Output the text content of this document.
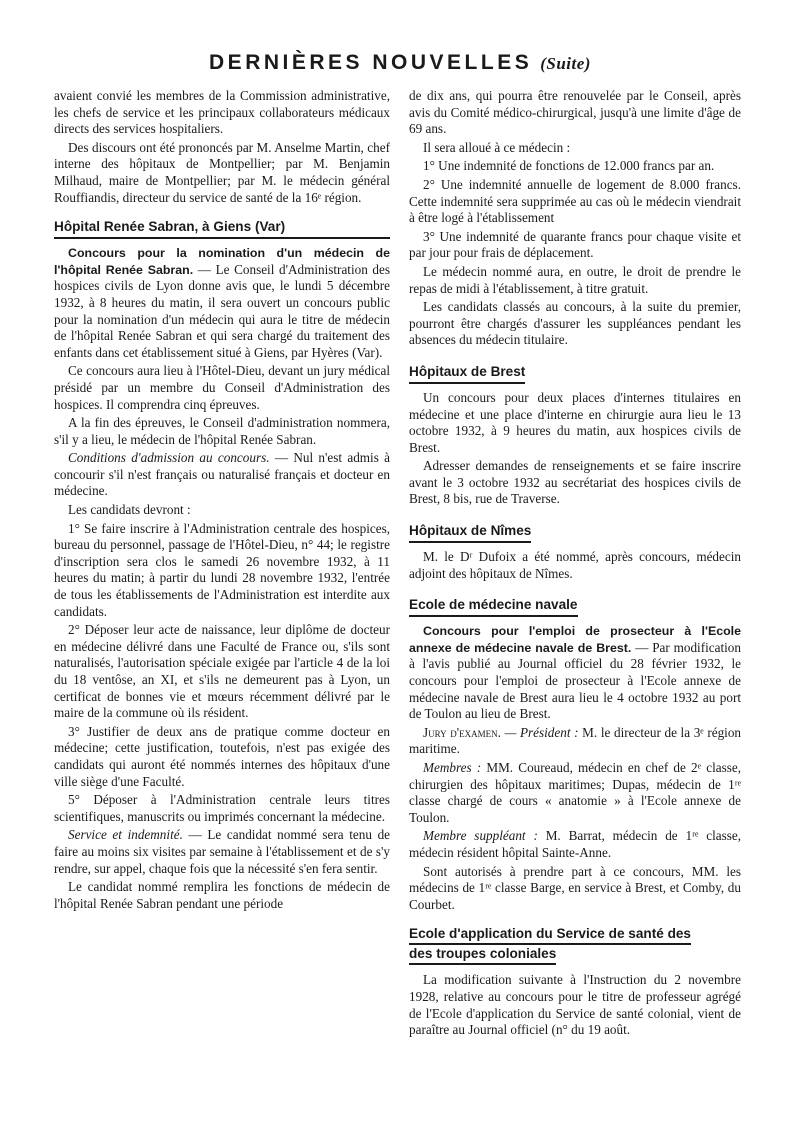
DERNIÈRES NOUVELLES (Suite)

avaient convié les membres de la Commission administrative, les chefs de service et les principaux collaborateurs médicaux directs des services hospitaliers.

Des discours ont été prononcés par M. Anselme Martin, chef interne des hôpitaux de Montpellier; par M. Benjamin Milhaud, maire de Montpellier; par M. le médecin général Rouffiandis, directeur du service de santé de la 16ᵉ région.

Hôpital Renée Sabran, à Giens (Var)

Concours pour la nomination d'un médecin de l'hôpital Renée Sabran. — Le Conseil d'Administration des hospices civils de Lyon donne avis que, le lundi 5 décembre 1932, à 8 heures du matin, il sera ouvert un concours public pour la nomination d'un médecin qui aura le titre de médecin de l'hôpital Renée Sabran et qui sera chargé du traitement des enfants dans cet établissement situé à Giens, par Hyères (Var).

Ce concours aura lieu à l'Hôtel-Dieu, devant un jury médical présidé par un membre du Conseil d'Administration des hospices. Il comprendra cinq épreuves.

A la fin des épreuves, le Conseil d'administration nommera, s'il y a lieu, le médecin de l'hôpital Renée Sabran.

Conditions d'admission au concours. — Nul n'est admis à concourir s'il n'est français ou naturalisé français et docteur en médecine.

Les candidats devront :

1° Se faire inscrire à l'Administration centrale des hospices, bureau du personnel, passage de l'Hôtel-Dieu, n° 44; le registre d'inscription sera clos le samedi 26 novembre 1932, à 11 heures du matin; à partir du lundi 28 novembre 1932, l'entrée de tous les établissements de l'Administration est interdite aux candidats.

2° Déposer leur acte de naissance, leur diplôme de docteur en médecine délivré dans une Faculté de France ou, s'ils sont naturalisés, l'autorisation spéciale exigée par l'article 4 de la loi du 18 ventôse, an XI, et s'ils ne demeurent pas à Lyon, un certificat de bonnes vie et mœurs récemment délivré par le maire de la commune où ils résident.

3° Justifier de deux ans de pratique comme docteur en médecine; cette justification, toutefois, n'est pas exigée des candidats qui auront été nommés internes des hôpitaux d'une ville siège d'une Faculté.

5° Déposer à l'Administration centrale leurs titres scientifiques, manuscrits ou imprimés concernant la médecine.

Service et indemnité. — Le candidat nommé sera tenu de faire au moins six visites par semaine à l'établissement et de s'y rendre, sur appel, chaque fois que la nécessité s'en fera sentir.

Le candidat nommé remplira les fonctions de médecin de l'hôpital Renée Sabran pendant une période

de dix ans, qui pourra être renouvelée par le Conseil, après avis du Comité médico-chirurgical, jusqu'à une limite d'âge de 69 ans.

Il sera alloué à ce médecin :

1° Une indemnité de fonctions de 12.000 francs par an.

2° Une indemnité annuelle de logement de 8.000 francs. Cette indemnité sera supprimée au cas où le médecin viendrait à être logé à l'établissement

3° Une indemnité de quarante francs pour chaque visite et par jour pour frais de déplacement.

Le médecin nommé aura, en outre, le droit de prendre le repas de midi à l'établissement, à titre gratuit.

Les candidats classés au concours, à la suite du premier, pourront être chargés d'assurer les suppléances pendant les absences du médecin titulaire.

Hôpitaux de Brest

Un concours pour deux places d'internes titulaires en médecine et une place d'interne en chirurgie aura lieu le 13 octobre 1932, à 9 heures du matin, aux hospices civils de Brest.

Adresser demandes de renseignements et se faire inscrire avant le 3 octobre 1932 au secrétariat des hospices civils de Brest, 8 bis, rue de Traverse.

Hôpitaux de Nîmes

M. le Dʳ Dufoix a été nommé, après concours, médecin adjoint des hôpitaux de Nîmes.

Ecole de médecine navale

Concours pour l'emploi de prosecteur à l'Ecole annexe de médecine navale de Brest. — Par modification à l'avis publié au Journal officiel du 28 février 1932, le concours pour l'emploi de prosecteur à l'Ecole annexe de médecine navale de Brest aura lieu le 4 octobre 1932 au port de Toulon au lieu de Brest.

Jury d'examen. — Président : M. le directeur de la 3ᵉ région maritime.

Membres : MM. Coureaud, médecin en chef de 2ᵉ classe, chirurgien des hôpitaux maritimes; Dupas, médecin de 1ʳᵉ classe chargé de cours « anatomie » à l'Ecole annexe de Toulon.

Membre suppléant : M. Barrat, médecin de 1ʳᵉ classe, médecin résident hôpital Sainte-Anne.

Sont autorisés à prendre part à ce concours, MM. les médecins de 1ʳᵉ classe Barge, en service à Brest, et Comby, du Courbet.

Ecole d'application du Service de santé des
des troupes coloniales

La modification suivante à l'Instruction du 2 novembre 1928, relative au concours pour le titre de professeur agrégé de l'Ecole d'application du Service de santé colonial, vient de paraître au Journal officiel (n° du 19 août.
